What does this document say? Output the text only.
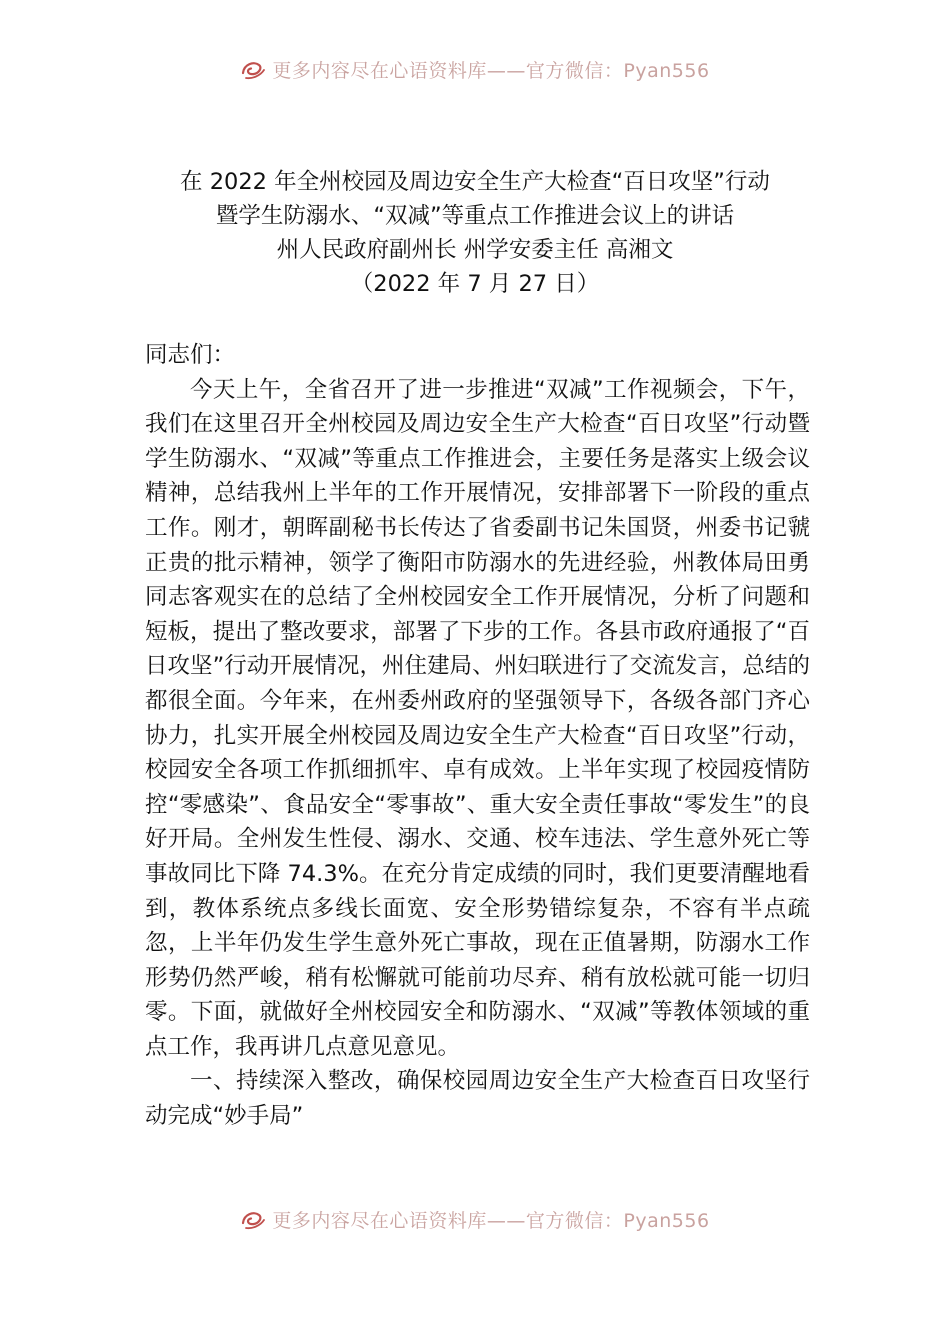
更多内容尽在心语资料库——官方微信：Pyan556
在 2022 年全州校园及周边安全生产大检查“百日攻坚”行动
暨学生防溺水、“双减”等重点工作推进会议上的讲话
州人民政府副州长 州学安委主任 高湘文
（2022 年 7 月 27 日）

同志们：

今天上午，全省召开了进一步推进“双减”工作视频会，下午，我们在这里召开全州校园及周边安全生产大检查“百日攻坚”行动暨学生防溺水、“双减”等重点工作推进会，主要任务是落实上级会议精神，总结我州上半年的工作开展情况，安排部署下一阶段的重点工作。刚才，朝晖副秘书长传达了省委副书记朱国贤，州委书记虢正贵的批示精神，领学了衡阳市防溺水的先进经验，州教体局田勇同志客观实在的总结了全州校园安全工作开展情况，分析了问题和短板，提出了整改要求，部署了下步的工作。各县市政府通报了“百日攻坚”行动开展情况，州住建局、州妇联进行了交流发言，总结的都很全面。今年来，在州委州政府的坚强领导下，各级各部门齐心协力，扎实开展全州校园及周边安全生产大检查“百日攻坚”行动，校园安全各项工作抓细抓牢、卓有成效。上半年实现了校园疫情防控“零感染”、食品安全“零事故”、重大安全责任事故“零发生”的良好开局。全州发生性侵、溺水、交通、校车违法、学生意外死亡等事故同比下降 74.3%。在充分肯定成绩的同时，我们更要清醒地看到，教体系统点多线长面宽、安全形势错综复杂，不容有半点疏忽，上半年仍发生学生意外死亡事故，现在正值暑期，防溺水工作形势仍然严峻，稍有松懈就可能前功尽弃、稍有放松就可能一切归零。下面，就做好全州校园安全和防溺水、“双减”等教体领域的重点工作，我再讲几点意见意见。

一、持续深入整改，确保校园周边安全生产大检查百日攻坚行动完成“妙手局”

更多内容尽在心语资料库——官方微信：Pyan556
